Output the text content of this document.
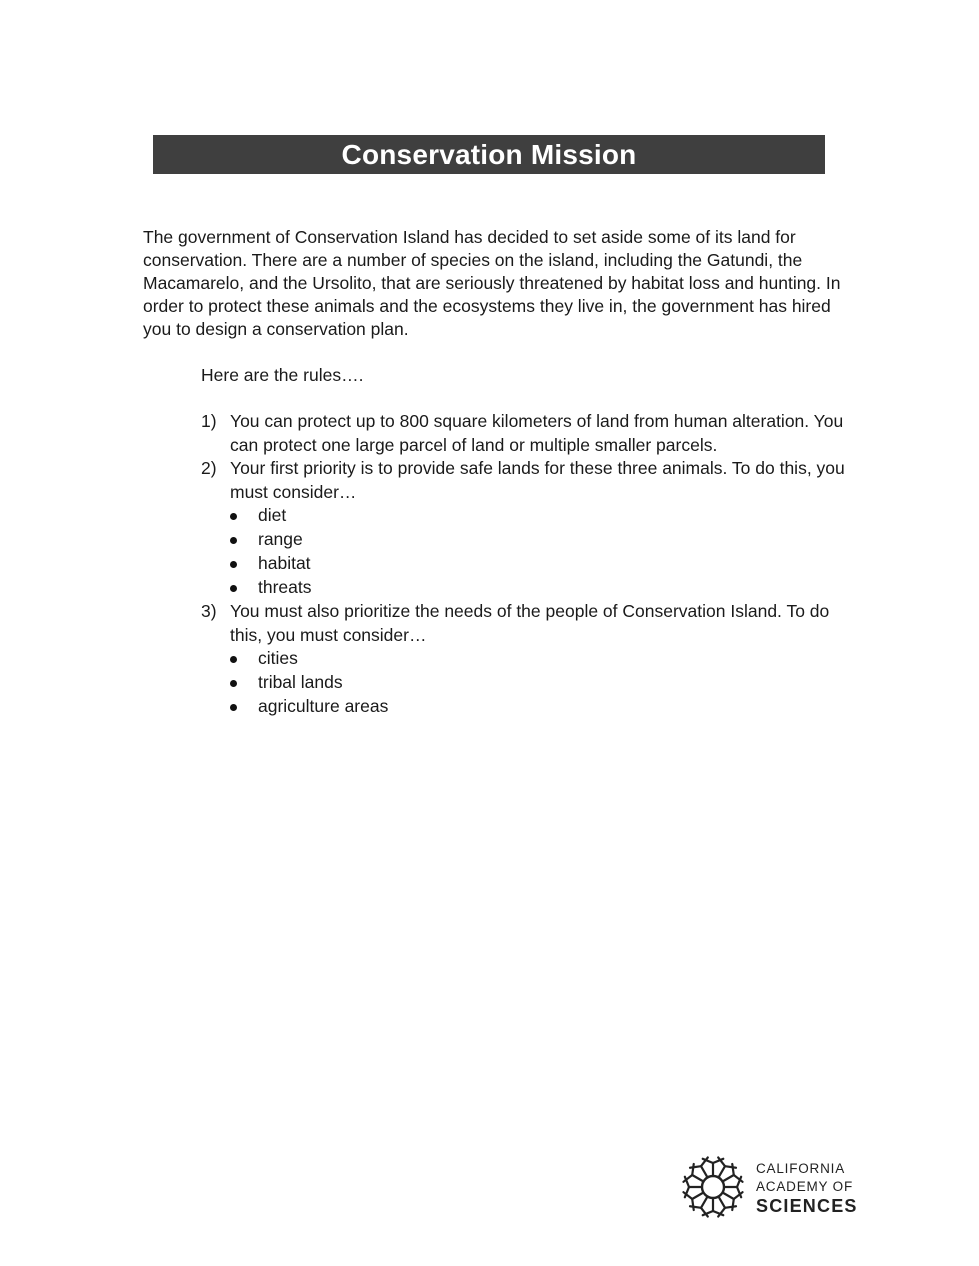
Conservation Mission

The government of Conservation Island has decided to set aside some of its land for conservation. There are a number of species on the island, including the Gatundi, the Macamarelo, and the Ursolito, that are seriously threatened by habitat loss and hunting. In order to protect these animals and the ecosystems they live in, the government has hired you to design a conservation plan.

Here are the rules….

1) You can protect up to 800 square kilometers of land from human alteration. You can protect one large parcel of land or multiple smaller parcels.
2) Your first priority is to provide safe lands for these three animals. To do this, you must consider…
diet
range
habitat
threats
3) You must also prioritize the needs of the people of Conservation Island. To do this, you must consider…
cities
tribal lands
agriculture areas
CALIFORNIA
ACADEMY OF
SCIENCES
